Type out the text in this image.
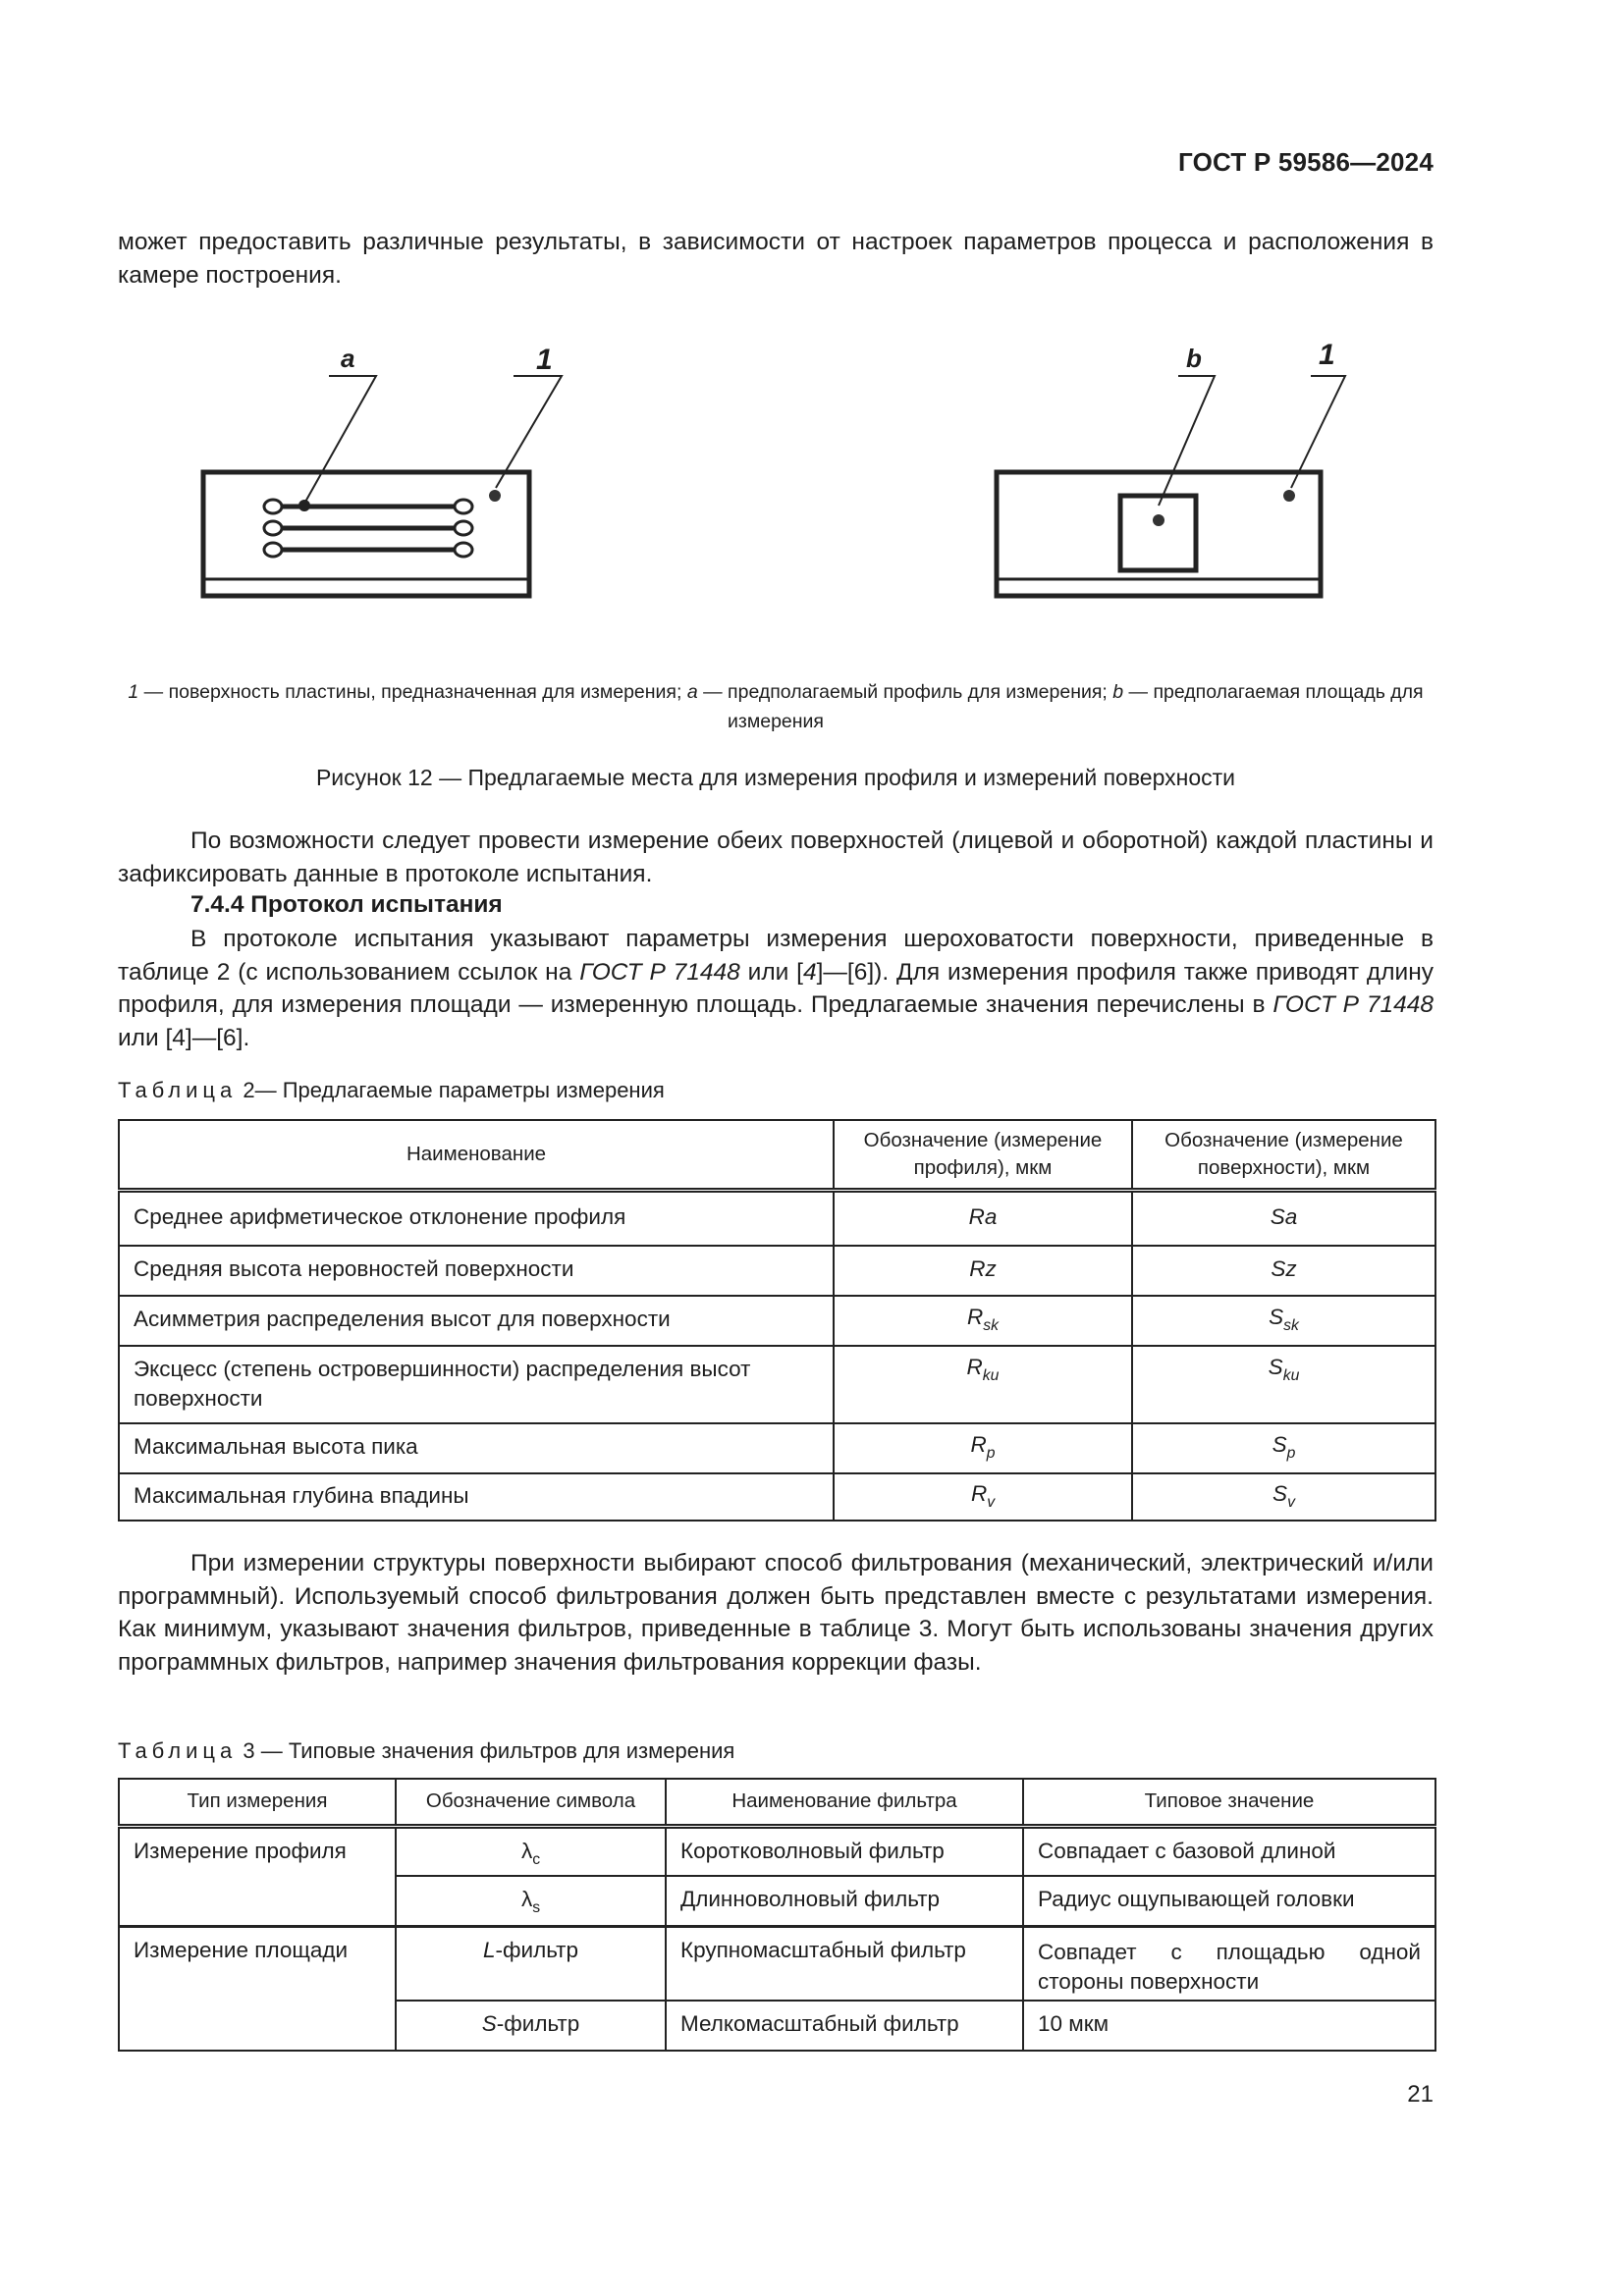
ГОСТ Р 59586—2024
может предоставить различные результаты, в зависимости от настроек параметров процесса и расположения в камере построения.
a	1	b	1
1 — поверхность пластины, предназначенная для измерения; a — предполагаемый профиль для измерения; b — предполагаемая площадь для измерения
Рисунок 12 — Предлагаемые места для измерения профиля и измерений поверхности
По возможности следует провести измерение обеих поверхностей (лицевой и оборотной) каждой пластины и зафиксировать данные в протоколе испытания.
7.4.4 Протокол испытания
В протоколе испытания указывают параметры измерения шероховатости поверхности, приведенные в таблице 2 (с использованием ссылок на ГОСТ Р 71448 или [4]—[6]). Для измерения профиля также приводят длину профиля, для измерения площади — измеренную площадь. Предлагаемые значения перечислены в ГОСТ Р 71448 или [4]—[6].
Таблица 2— Предлагаемые параметры измерения
Наименование	Обозначение (измерение профиля), мкм	Обозначение (измерение поверхности), мкм
Среднее арифметическое отклонение профиля	Ra	Sa
Средняя высота неровностей поверхности	Rz	Sz
Асимметрия распределения высот для поверхности	$R_{sk}$	$S_{sk}$
Эксцесс (степень островершинности) распределения высот поверхности	$R_{ku}$	$S_{ku}$
Максимальная высота пика	$R_p$	$S_p$
Максимальная глубина впадины	$R_v$	$S_v$
При измерении структуры поверхности выбирают способ фильтрования (механический, электрический и/или программный). Используемый способ фильтрования должен быть представлен вместе с результатами измерения. Как минимум, указывают значения фильтров, приведенные в таблице 3. Могут быть использованы значения других программных фильтров, например значения фильтрования коррекции фазы.
Таблица 3 — Типовые значения фильтров для измерения
Тип измерения	Обозначение символа	Наименование фильтра	Типовое значение
Измерение профиля	$\lambda_c$	Коротковолновый фильтр	Совпадает с базовой длиной
	$\lambda_s$	Длинноволновый фильтр	Радиус ощупывающей головки
Измерение площади	L-фильтр	Крупномасштабный фильтр	Совпадет с площадью одной стороны поверхности
	S-фильтр	Мелкомасштабный фильтр	10 мкм
21
